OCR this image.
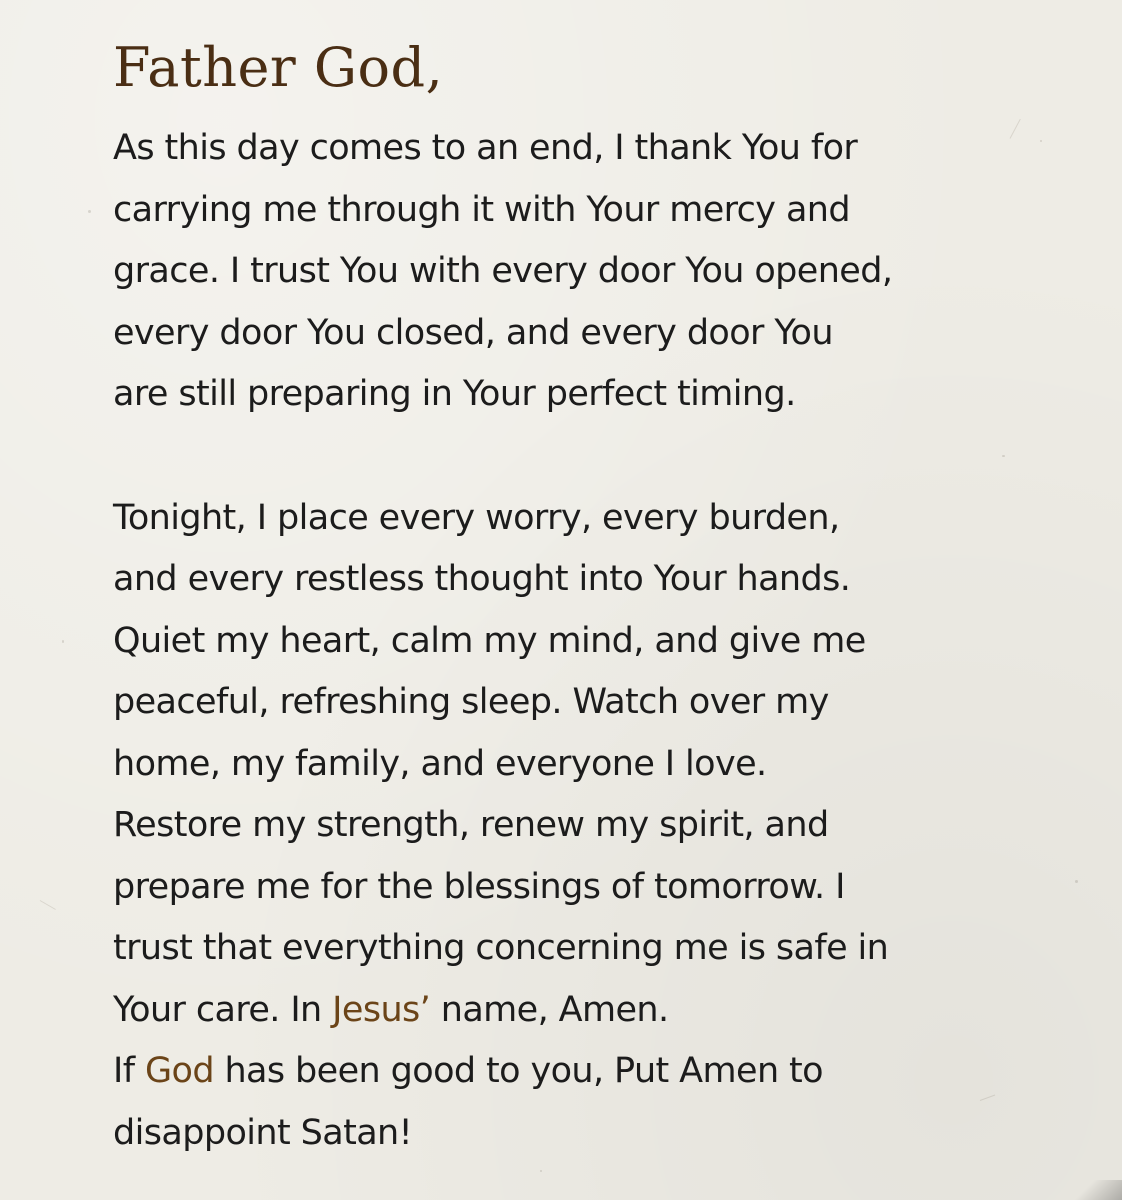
Father God,
As this day comes to an end, I thank You for
carrying me through it with Your mercy and
grace. I trust You with every door You opened,
every door You closed, and every door You
are still preparing in Your perfect timing.
Tonight, I place every worry, every burden,
and every restless thought into Your hands.
Quiet my heart, calm my mind, and give me
peaceful, refreshing sleep. Watch over my
home, my family, and everyone I love.
Restore my strength, renew my spirit, and
prepare me for the blessings of tomorrow. I
trust that everything concerning me is safe in
Your care. In Jesus’ name, Amen.
If God has been good to you, Put Amen to
disappoint Satan!
